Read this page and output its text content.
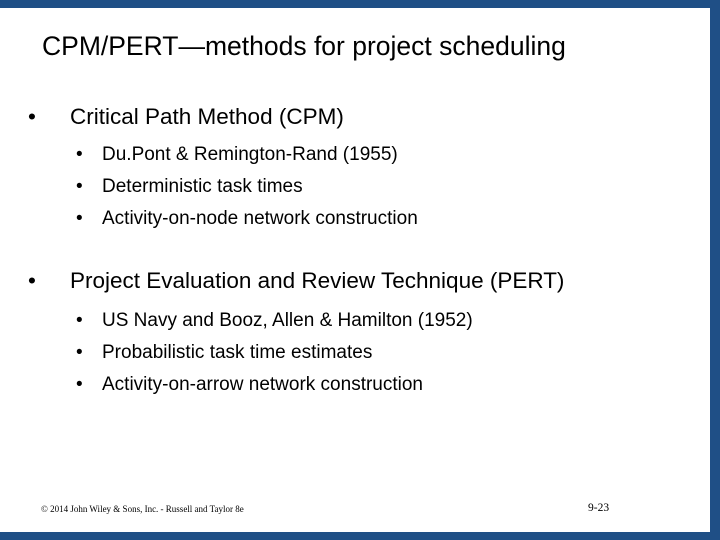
CPM/PERT—methods for project scheduling
• Critical Path Method (CPM)
• Du.Pont & Remington-Rand (1955)
• Deterministic task times
• Activity-on-node network construction
• Project Evaluation and Review Technique (PERT)
• US Navy and Booz, Allen & Hamilton (1952)
• Probabilistic task time estimates
• Activity-on-arrow network construction
© 2014 John Wiley & Sons, Inc. - Russell and Taylor 8e	9-23
